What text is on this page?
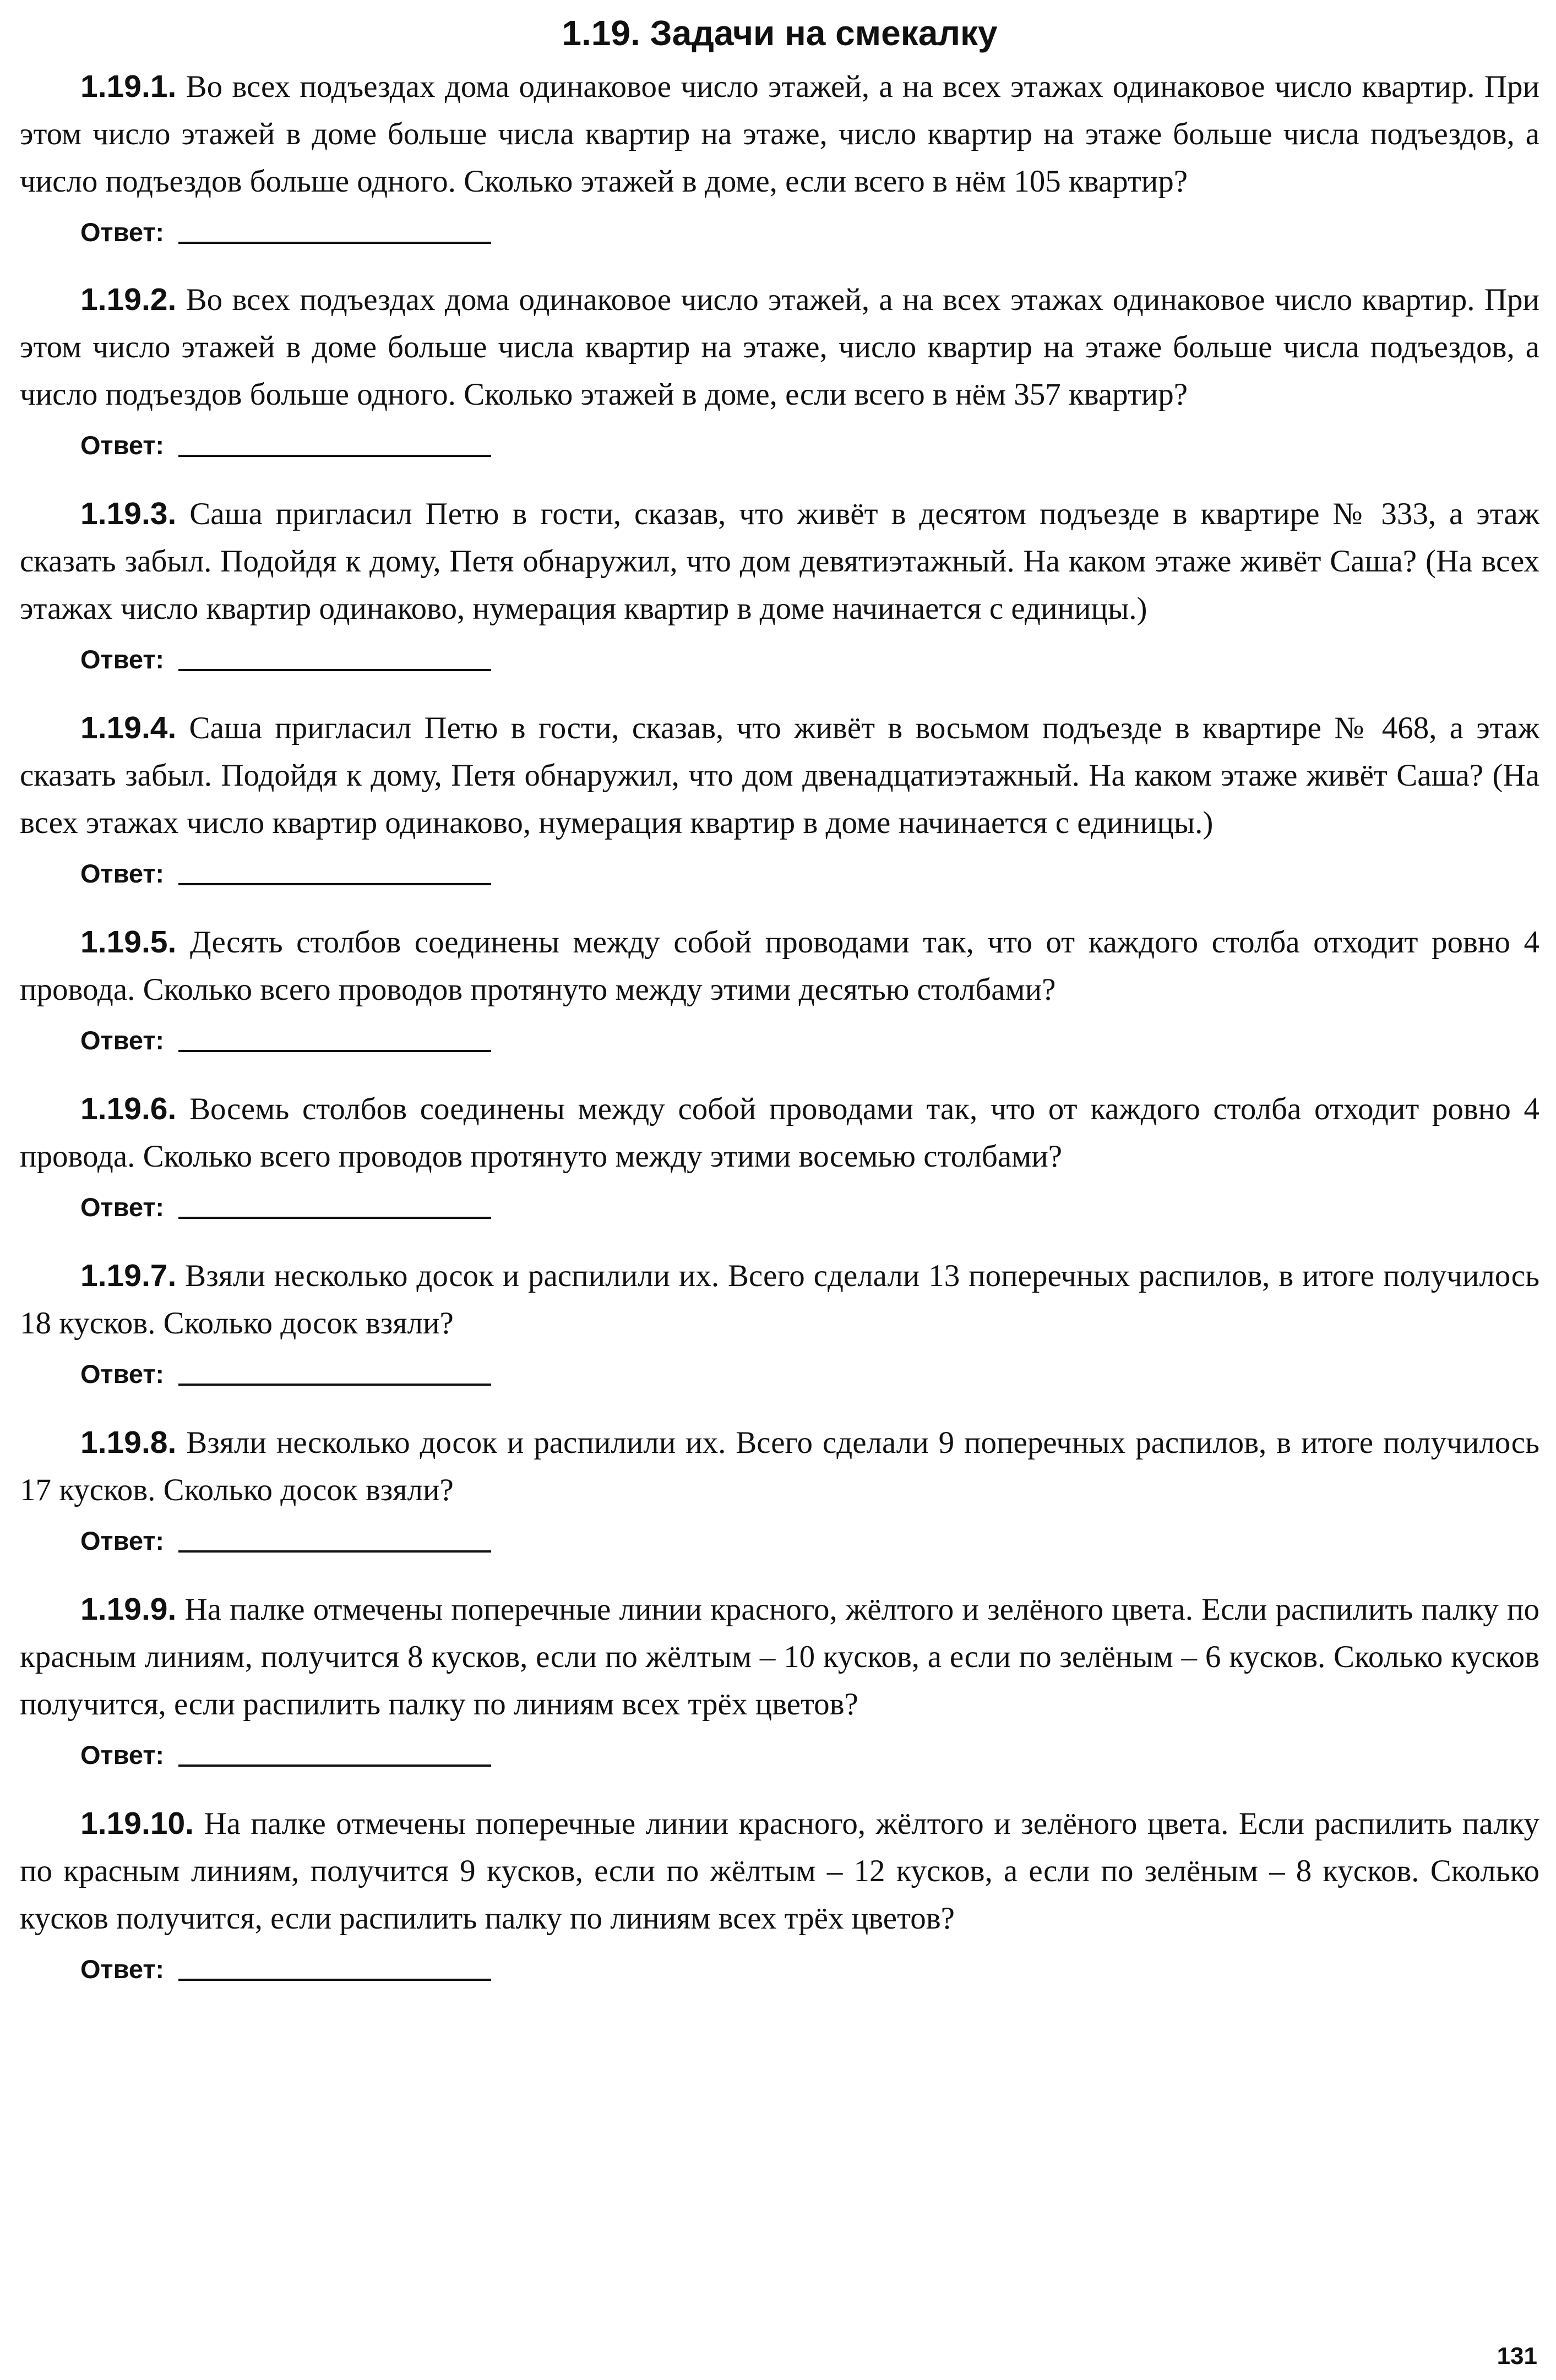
1.19. Задачи на смекалку

1.19.1. Во всех подъездах дома одинаковое число этажей, а на всех этажах одинаковое число квартир. При этом число этажей в доме больше числа квартир на этаже, число квартир на этаже больше числа подъездов, а число подъездов больше одного. Сколько этажей в доме, если всего в нём 105 квартир?

Ответ:

1.19.2. Во всех подъездах дома одинаковое число этажей, а на всех этажах одинаковое число квартир. При этом число этажей в доме больше числа квартир на этаже, число квартир на этаже больше числа подъездов, а число подъездов больше одного. Сколько этажей в доме, если всего в нём 357 квартир?

Ответ:

1.19.3. Саша пригласил Петю в гости, сказав, что живёт в десятом подъезде в квартире № 333, а этаж сказать забыл. Подойдя к дому, Петя обнаружил, что дом девятиэтажный. На каком этаже живёт Саша? (На всех этажах число квартир одинаково, нумерация квартир в доме начинается с единицы.)

Ответ:

1.19.4. Саша пригласил Петю в гости, сказав, что живёт в восьмом подъезде в квартире № 468, а этаж сказать забыл. Подойдя к дому, Петя обнаружил, что дом двенадцатиэтажный. На каком этаже живёт Саша? (На всех этажах число квартир одинаково, нумерация квартир в доме начинается с единицы.)

Ответ:

1.19.5. Десять столбов соединены между собой проводами так, что от каждого столба отходит ровно 4 провода. Сколько всего проводов протянуто между этими десятью столбами?

Ответ:

1.19.6. Восемь столбов соединены между собой проводами так, что от каждого столба отходит ровно 4 провода. Сколько всего проводов протянуто между этими восемью столбами?

Ответ:

1.19.7. Взяли несколько досок и распилили их. Всего сделали 13 поперечных распилов, в итоге получилось 18 кусков. Сколько досок взяли?

Ответ:

1.19.8. Взяли несколько досок и распилили их. Всего сделали 9 поперечных распилов, в итоге получилось 17 кусков. Сколько досок взяли?

Ответ:

1.19.9. На палке отмечены поперечные линии красного, жёлтого и зелёного цвета. Если распилить палку по красным линиям, получится 8 кусков, если по жёлтым – 10 кусков, а если по зелёным – 6 кусков. Сколько кусков получится, если распилить палку по линиям всех трёх цветов?

Ответ:

1.19.10. На палке отмечены поперечные линии красного, жёлтого и зелёного цвета. Если распилить палку по красным линиям, получится 9 кусков, если по жёлтым – 12 кусков, а если по зелёным – 8 кусков. Сколько кусков получится, если распилить палку по линиям всех трёх цветов?

Ответ:
131
